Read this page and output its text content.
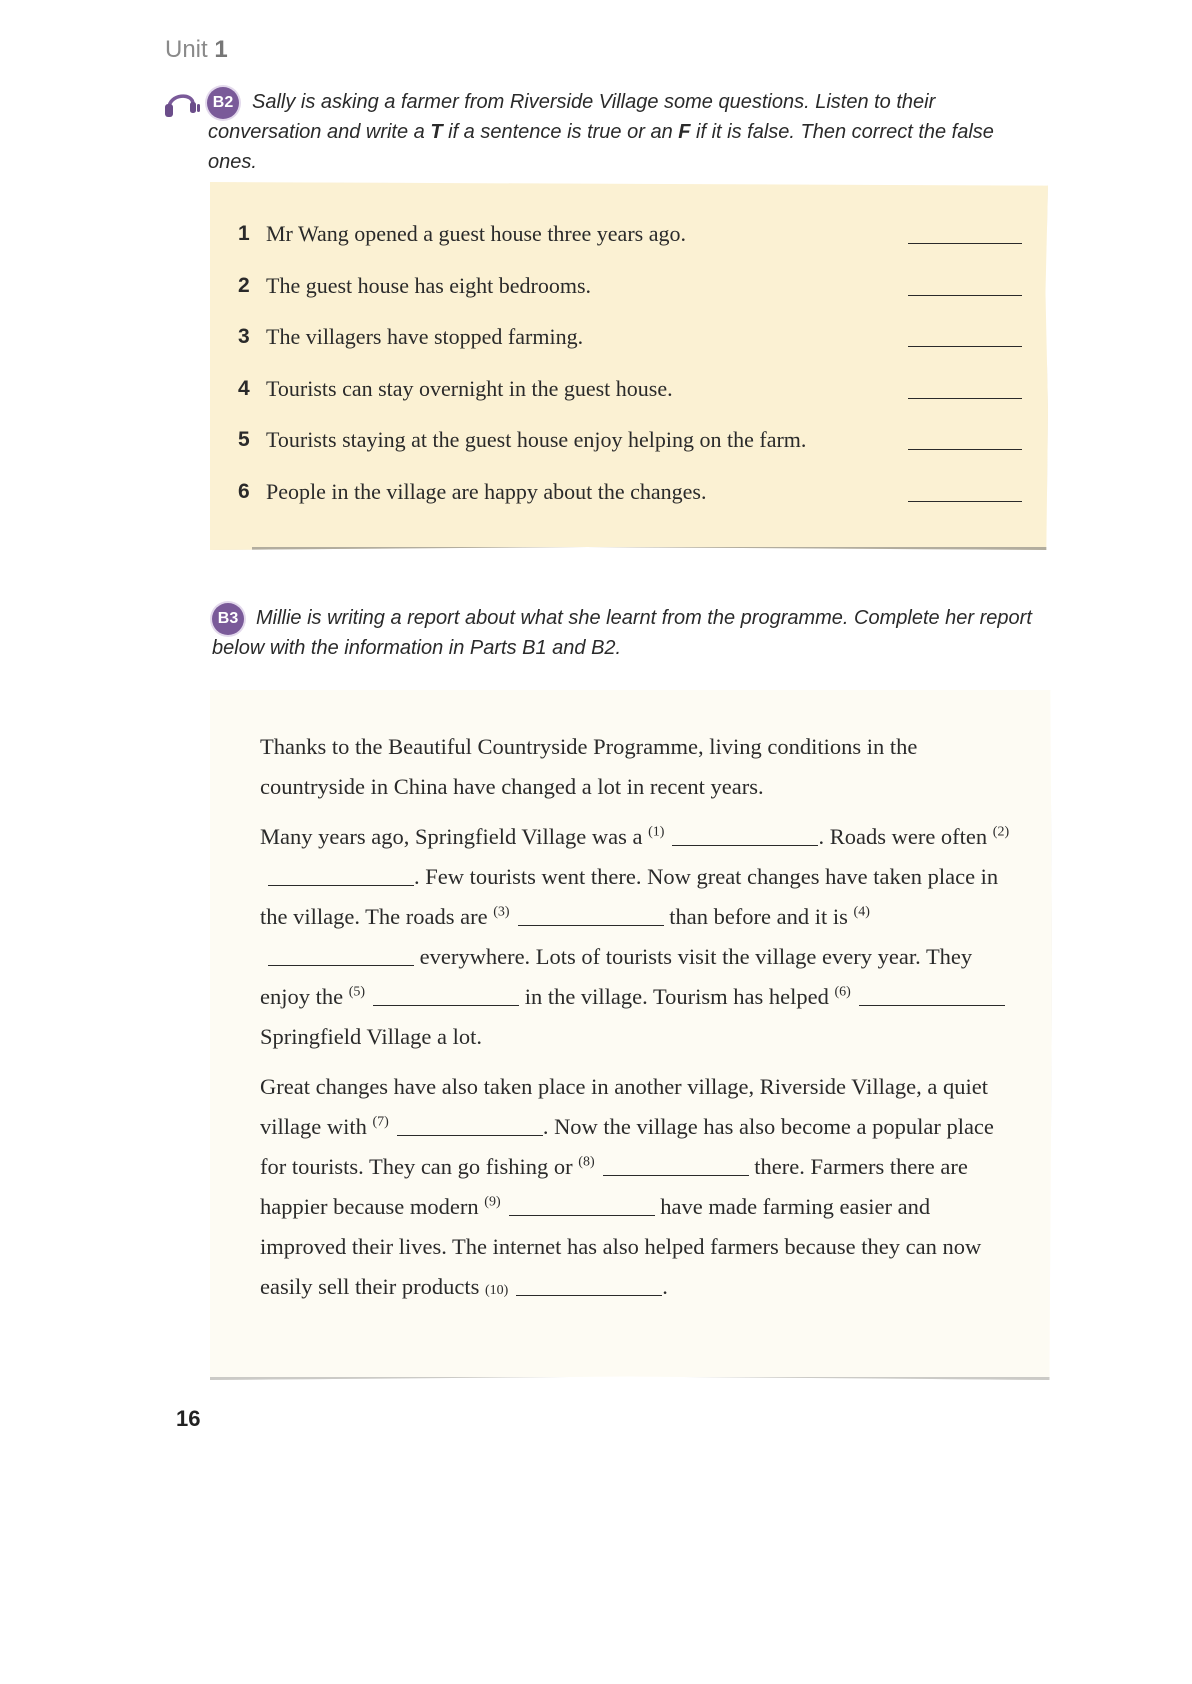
Unit 1
B2 Sally is asking a farmer from Riverside Village some questions. Listen to their conversation and write a T if a sentence is true or an F if it is false. Then correct the false ones.
1 Mr Wang opened a guest house three years ago.
2 The guest house has eight bedrooms.
3 The villagers have stopped farming.
4 Tourists can stay overnight in the guest house.
5 Tourists staying at the guest house enjoy helping on the farm.
6 People in the village are happy about the changes.
B3 Millie is writing a report about what she learnt from the programme. Complete her report below with the information in Parts B1 and B2.

Thanks to the Beautiful Countryside Programme, living conditions in the countryside in China have changed a lot in recent years.

Many years ago, Springfield Village was a $^{(1)}$	. Roads were often $^{(2)}$. Few tourists went there. Now great changes have taken place in the village. The roads are $^{(3)}$	than before and it is $^{(4)}$ everywhere. Lots of tourists visit the village every year. They enjoy the $^{(5)}$	in the village. Tourism has helped $^{(6)}$ Springfield Village a lot.

Great changes have also taken place in another village, Riverside Village, a quiet village with $^{(7)}$	. Now the village has also become a popular place for tourists. They can go fishing or $^{(8)}$	there. Farmers there are happier because modern $^{(9)}$	have made farming easier and improved their lives. The internet has also helped farmers because they can now easily sell their products (10)	.

16
